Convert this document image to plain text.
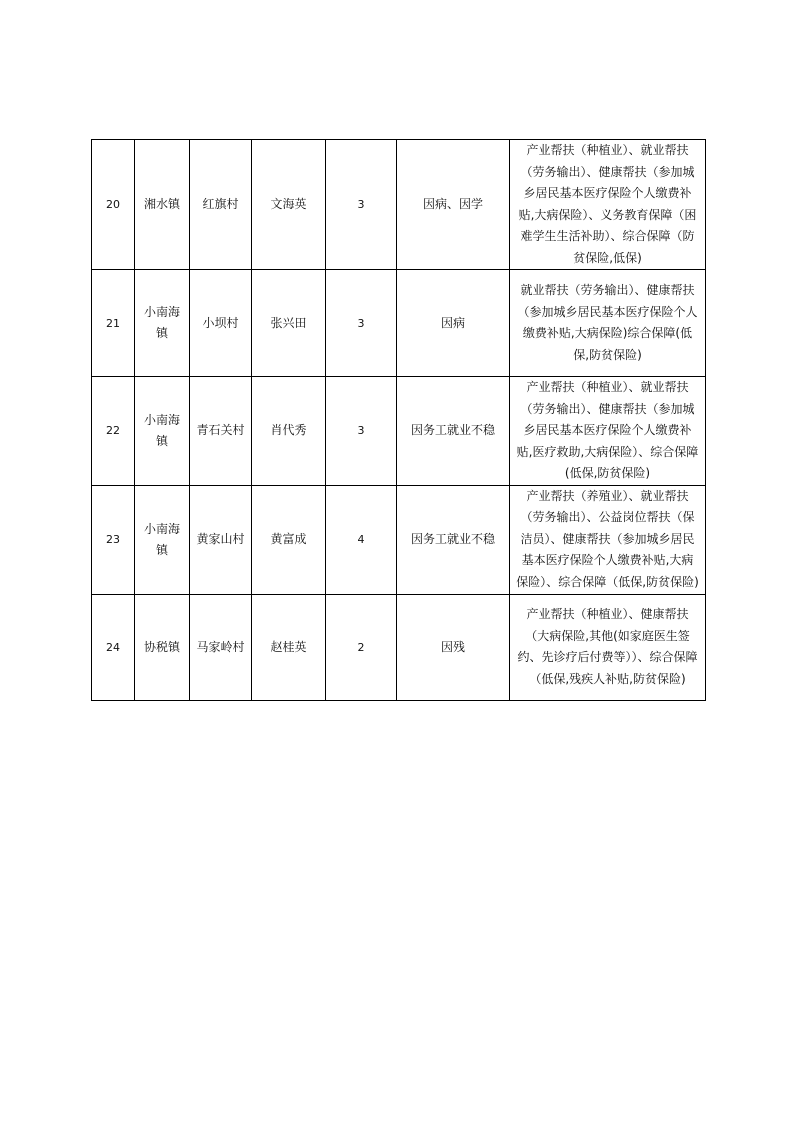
20	湘水镇	红旗村	文海英	3	因病、因学	产业帮扶（种植业）、就业帮扶（劳务输出）、健康帮扶（参加城乡居民基本医疗保险个人缴费补贴,大病保险）、义务教育保障（困难学生生活补助）、综合保障（防贫保险,低保)
21	小南海镇	小坝村	张兴田	3	因病	就业帮扶（劳务输出）、健康帮扶（参加城乡居民基本医疗保险个人缴费补贴,大病保险)综合保障(低保,防贫保险)
22	小南海镇	青石关村	肖代秀	3	因务工就业不稳	产业帮扶（种植业）、就业帮扶（劳务输出）、健康帮扶（参加城乡居民基本医疗保险个人缴费补贴,医疗救助,大病保险）、综合保障(低保,防贫保险)
23	小南海镇	黄家山村	黄富成	4	因务工就业不稳	产业帮扶（养殖业）、就业帮扶（劳务输出）、公益岗位帮扶（保洁员）、健康帮扶（参加城乡居民基本医疗保险个人缴费补贴,大病保险）、综合保障（低保,防贫保险)
24	协税镇	马家岭村	赵桂英	2	因残	产业帮扶（种植业）、健康帮扶（大病保险,其他(如家庭医生签约、先诊疗后付费等））、综合保障（低保,残疾人补贴,防贫保险)
